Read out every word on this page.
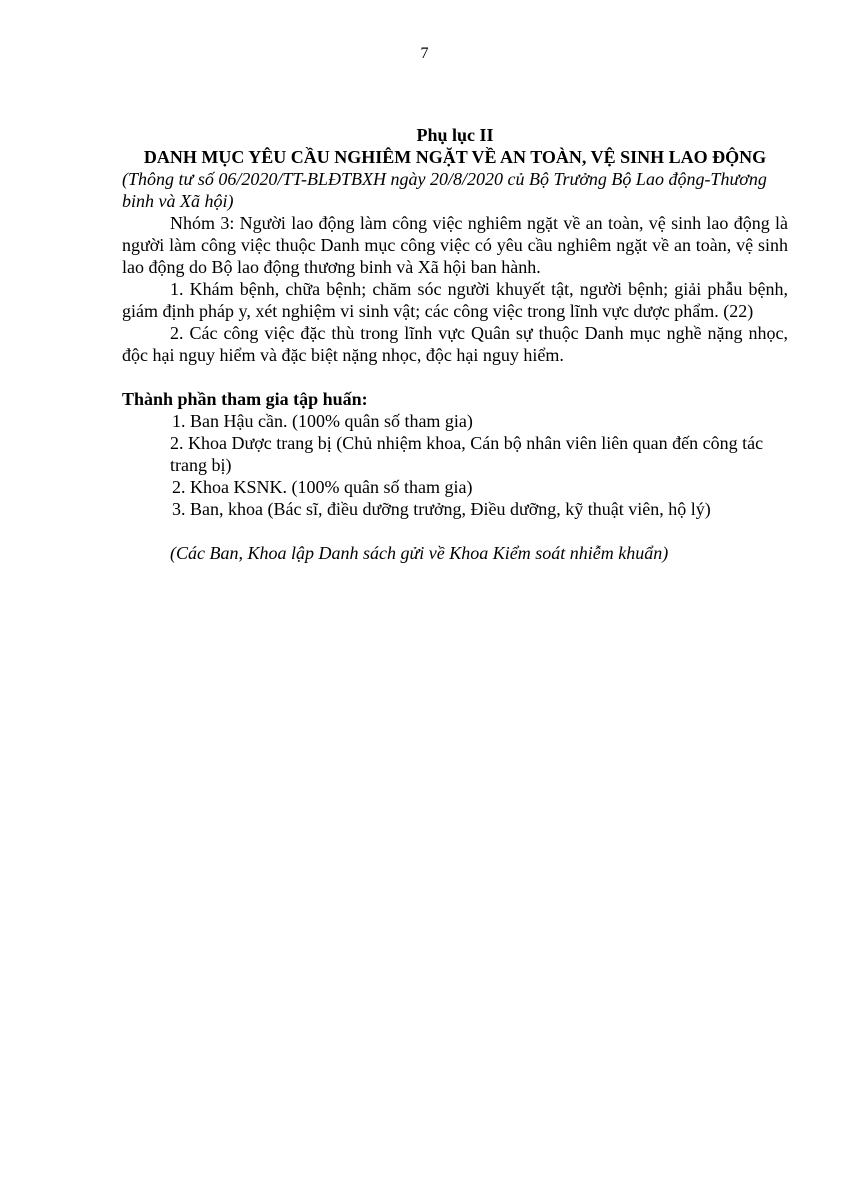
7

Phụ lục II

DANH MỤC YÊU CẦU NGHIÊM NGẶT VỀ AN TOÀN, VỆ SINH LAO ĐỘNG

(Thông tư số 06/2020/TT-BLĐTBXH ngày 20/8/2020 củ Bộ Trưởng Bộ Lao động-Thương binh và Xã hội)

Nhóm 3: Người lao động làm công việc nghiêm ngặt về an toàn, vệ sinh lao động là người làm công việc thuộc Danh mục công việc có yêu cầu nghiêm ngặt về an toàn, vệ sinh lao động do Bộ lao động thương binh và Xã hội ban hành.

1. Khám bệnh, chữa bệnh; chăm sóc người khuyết tật, người bệnh; giải phẫu bệnh, giám định pháp y, xét nghiệm vi sinh vật; các công việc trong lĩnh vực dược phẩm. (22)

2. Các công việc đặc thù trong lĩnh vực Quân sự thuộc Danh mục nghề nặng nhọc, độc hại nguy hiểm và đặc biệt nặng nhọc, độc hại nguy hiểm.

Thành phần tham gia tập huấn:

1. Ban Hậu cần. (100% quân số tham gia)

2. Khoa Dược trang bị (Chủ nhiệm khoa, Cán bộ nhân viên liên quan đến công tác trang bị)

2. Khoa KSNK. (100% quân số tham gia)

3. Ban, khoa (Bác sĩ, điều dưỡng trưởng, Điều dưỡng, kỹ thuật viên, hộ lý)

(Các Ban, Khoa lập Danh sách gửi về Khoa Kiểm soát nhiễm khuẩn)
